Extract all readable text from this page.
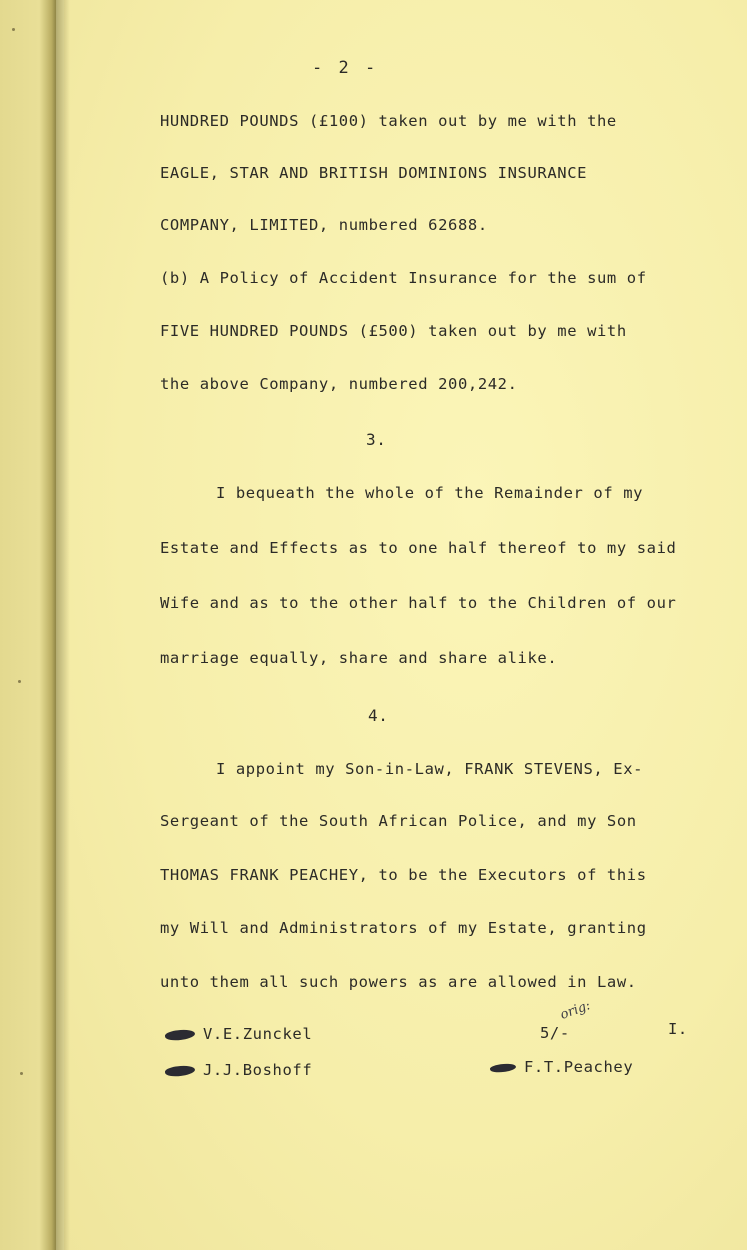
- 2 -
HUNDRED POUNDS (£100) taken out by me with the
EAGLE, STAR AND BRITISH DOMINIONS INSURANCE
COMPANY, LIMITED, numbered 62688.
(b) A Policy of Accident Insurance for the sum of
FIVE HUNDRED POUNDS (£500) taken out by me with
the above Company, numbered 200,242.
3.
I bequeath the whole of the Remainder of my
Estate and Effects as to one half thereof to my said
Wife and as to the other half to the Children of our
marriage equally, share and share alike.
4.
I appoint my Son-in-Law, FRANK STEVENS, Ex-
Sergeant of the South African Police, and my Son
THOMAS FRANK PEACHEY, to be the Executors of this
my Will and Administrators of my Estate, granting
unto them all such powers as are allowed in Law.
orig:
V.E.Zunckel	5/-	I.
J.J.Boshoff	F.T.Peachey
